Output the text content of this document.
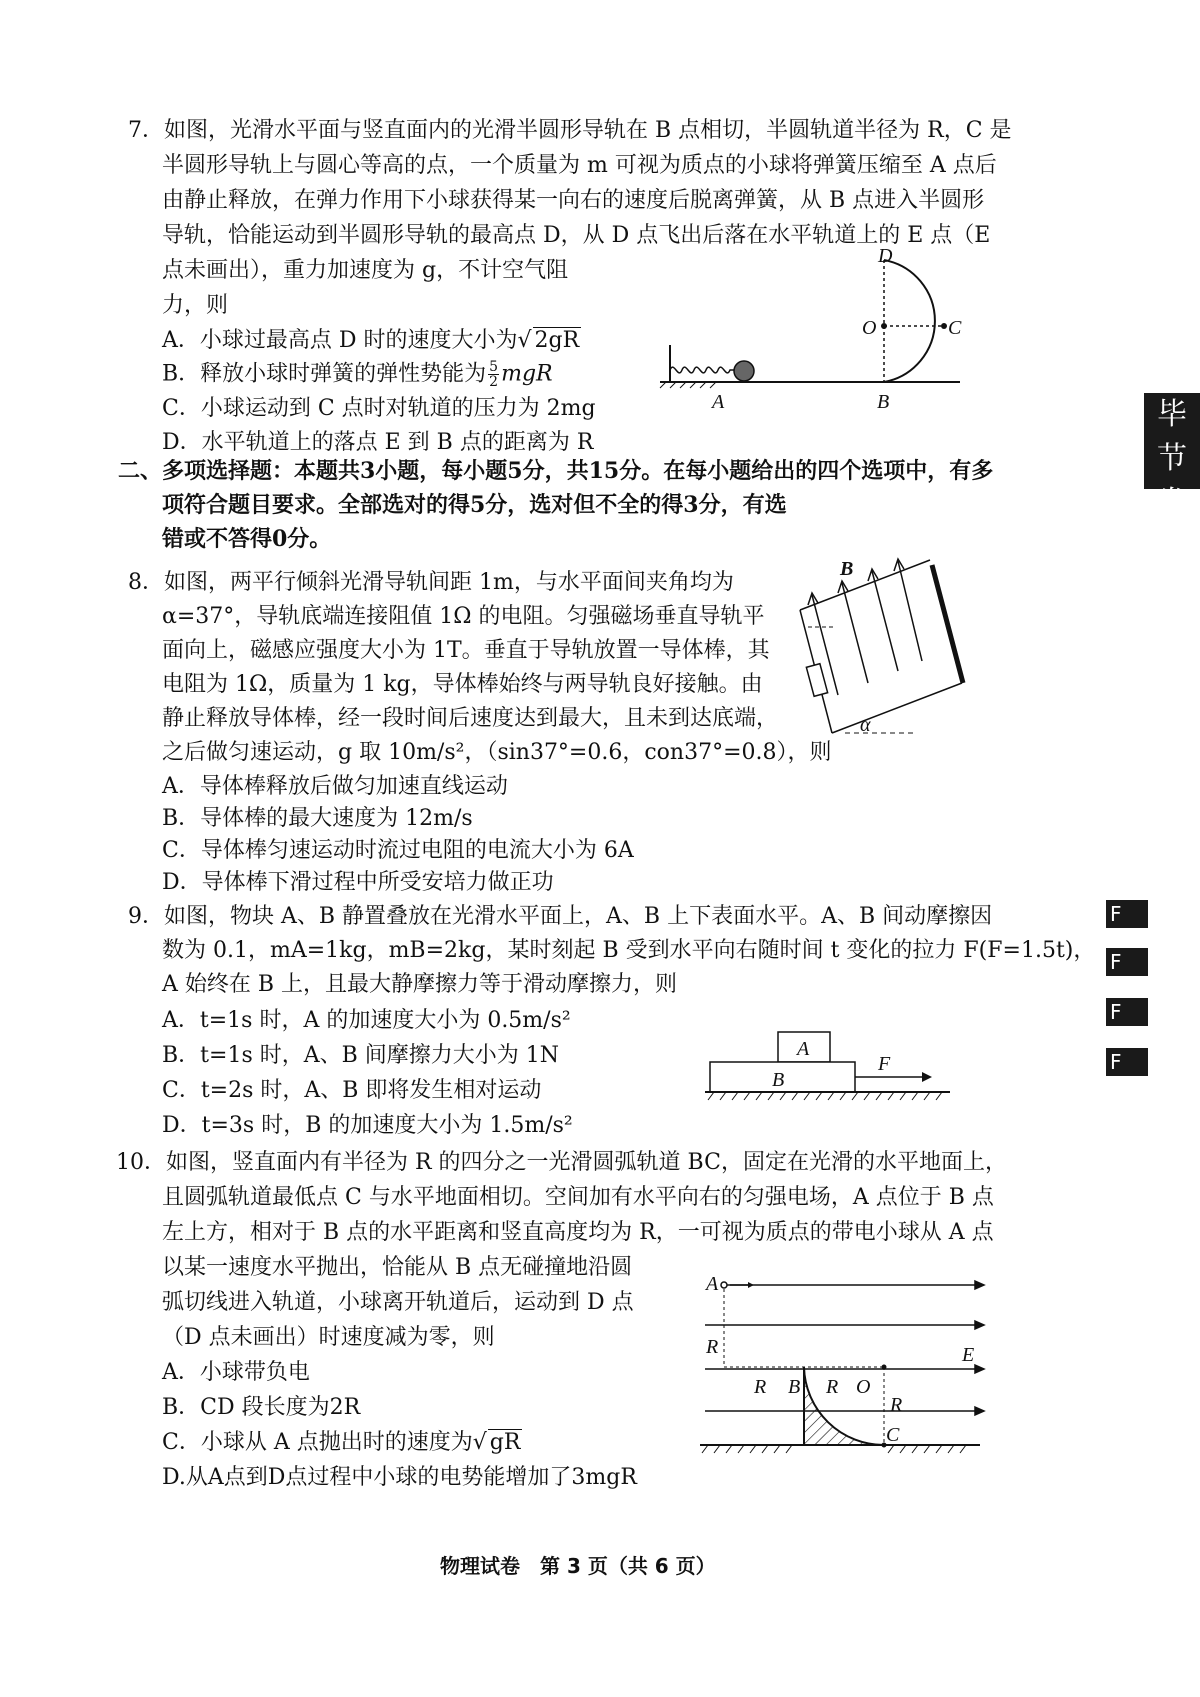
7．如图，光滑水平面与竖直面内的光滑半圆形导轨在 B 点相切，半圆轨道半径为 R，C 是
半圆形导轨上与圆心等高的点，一个质量为 m 可视为质点的小球将弹簧压缩至 A 点后
由静止释放，在弹力作用下小球获得某一向右的速度后脱离弹簧，从 B 点进入半圆形
导轨，恰能运动到半圆形导轨的最高点 D，从 D 点飞出后落在水平轨道上的 E 点（E
点未画出），重力加速度为 g，不计空气阻
力，则
A．小球过最高点 D 时的速度大小为√ 2gR
B．释放小球时弹簧的弹性势能为 $\frac{5}{2}$ mgR
C．小球运动到 C 点时对轨道的压力为 2mg
D．水平轨道上的落点 E 到 B 点的距离为 R
D
O	C
A	B
二、多项选择题：本题共3小题，每小题5分，共15分。在每小题给出的四个选项中，有多
项符合题目要求。全部选对的得5分，选对但不全的得3分，有选
错或不答得0分。
8．如图，两平行倾斜光滑导轨间距 1m，与水平面间夹角均为
α=37°，导轨底端连接阻值 1Ω 的电阻。匀强磁场垂直导轨平
面向上，磁感应强度大小为 1T。垂直于导轨放置一导体棒，其
电阻为 1Ω，质量为 1 kg，导体棒始终与两导轨良好接触。由
静止释放导体棒，经一段时间后速度达到最大，且未到达底端，
之后做匀速运动，g 取 10m/s²，（sin37°=0.6，con37°=0.8），则
A．导体棒释放后做匀加速直线运动
B．导体棒的最大速度为 12m/s
C．导体棒匀速运动时流过电阻的电流大小为 6A
D．导体棒下滑过程中所受安培力做正功
B
α
9．如图，物块 A、B 静置叠放在光滑水平面上，A、B 上下表面水平。A、B 间动摩擦因
数为 0.1，mA=1kg，mB=2kg，某时刻起 B 受到水平向右随时间 t 变化的拉力 F(F=1.5t)，
A 始终在 B 上，且最大静摩擦力等于滑动摩擦力，则
A．t=1s 时，A 的加速度大小为 0.5m/s²
B．t=1s 时，A、B 间摩擦力大小为 1N
C．t=2s 时，A、B 即将发生相对运动
D．t=3s 时，B 的加速度大小为 1.5m/s²
A
B
F
10．如图，竖直面内有半径为 R 的四分之一光滑圆弧轨道 BC，固定在光滑的水平地面上，
且圆弧轨道最低点 C 与水平地面相切。空间加有水平向右的匀强电场，A 点位于 B 点
左上方，相对于 B 点的水平距离和竖直高度均为 R，一可视为质点的带电小球从 A 点
以某一速度水平抛出，恰能从 B 点无碰撞地沿圆
弧切线进入轨道，小球离开轨道后，运动到 D 点
（D 点未画出）时速度减为零，则
A．小球带负电
B．CD 段长度为2R
C．小球从 A 点抛出时的速度为√ gR
D.从A点到D点过程中小球的电势能增加了3mgR
A
R	E
R B R O
R
C
物理试卷　第 3 页（共 6 页）
毕节
卷
F
F
F
F
